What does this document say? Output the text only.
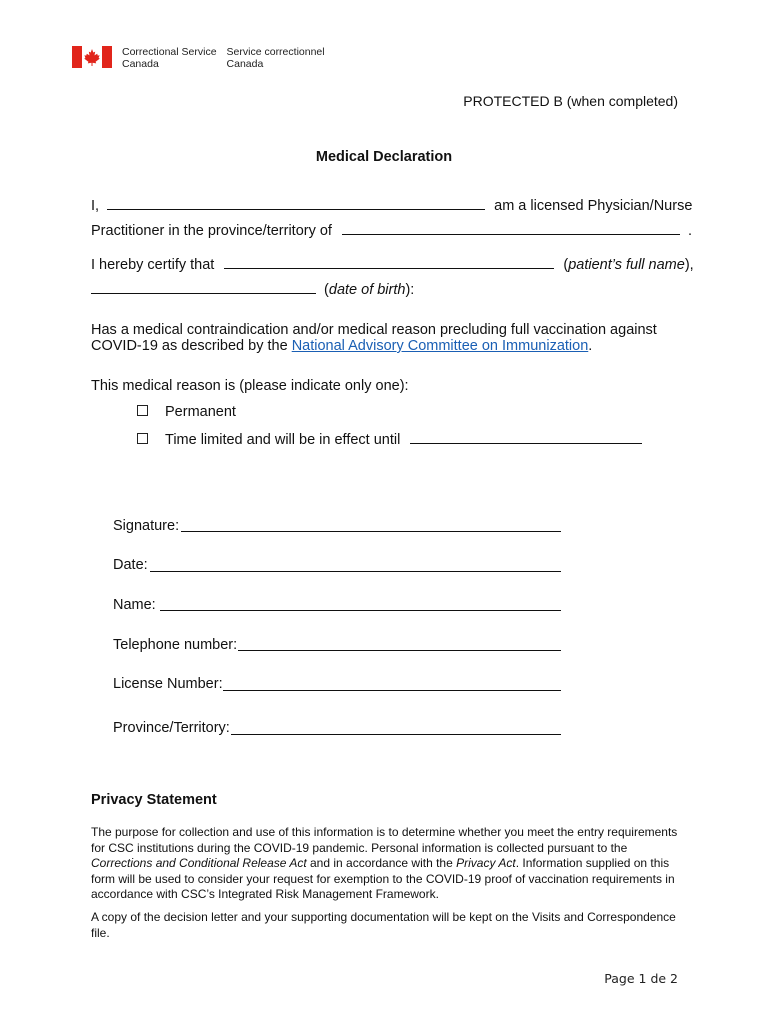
Correctional Service
Canada
Service correctionnel
Canada
PROTECTED B (when completed)
Medical Declaration
I,	am a licensed Physician/Nurse
Practitioner in the province/territory of	.
I hereby certify that	(patient’s full name),
(date of birth):
Has a medical contraindication and/or medical reason precluding full vaccination against COVID-19 as described by the National Advisory Committee on Immunization.
This medical reason is (please indicate only one):
Permanent
Time limited and will be in effect until
Signature:
Date:
Name:
Telephone number:
License Number:
Province/Territory:
Privacy Statement
The purpose for collection and use of this information is to determine whether you meet the entry requirements for CSC institutions during the COVID-19 pandemic. Personal information is collected pursuant to the Corrections and Conditional Release Act and in accordance with the Privacy Act. Information supplied on this form will be used to consider your request for exemption to the COVID-19 proof of vaccination requirements in accordance with CSC’s Integrated Risk Management Framework.
A copy of the decision letter and your supporting documentation will be kept on the Visits and Correspondence file.
Page 1 de 2
